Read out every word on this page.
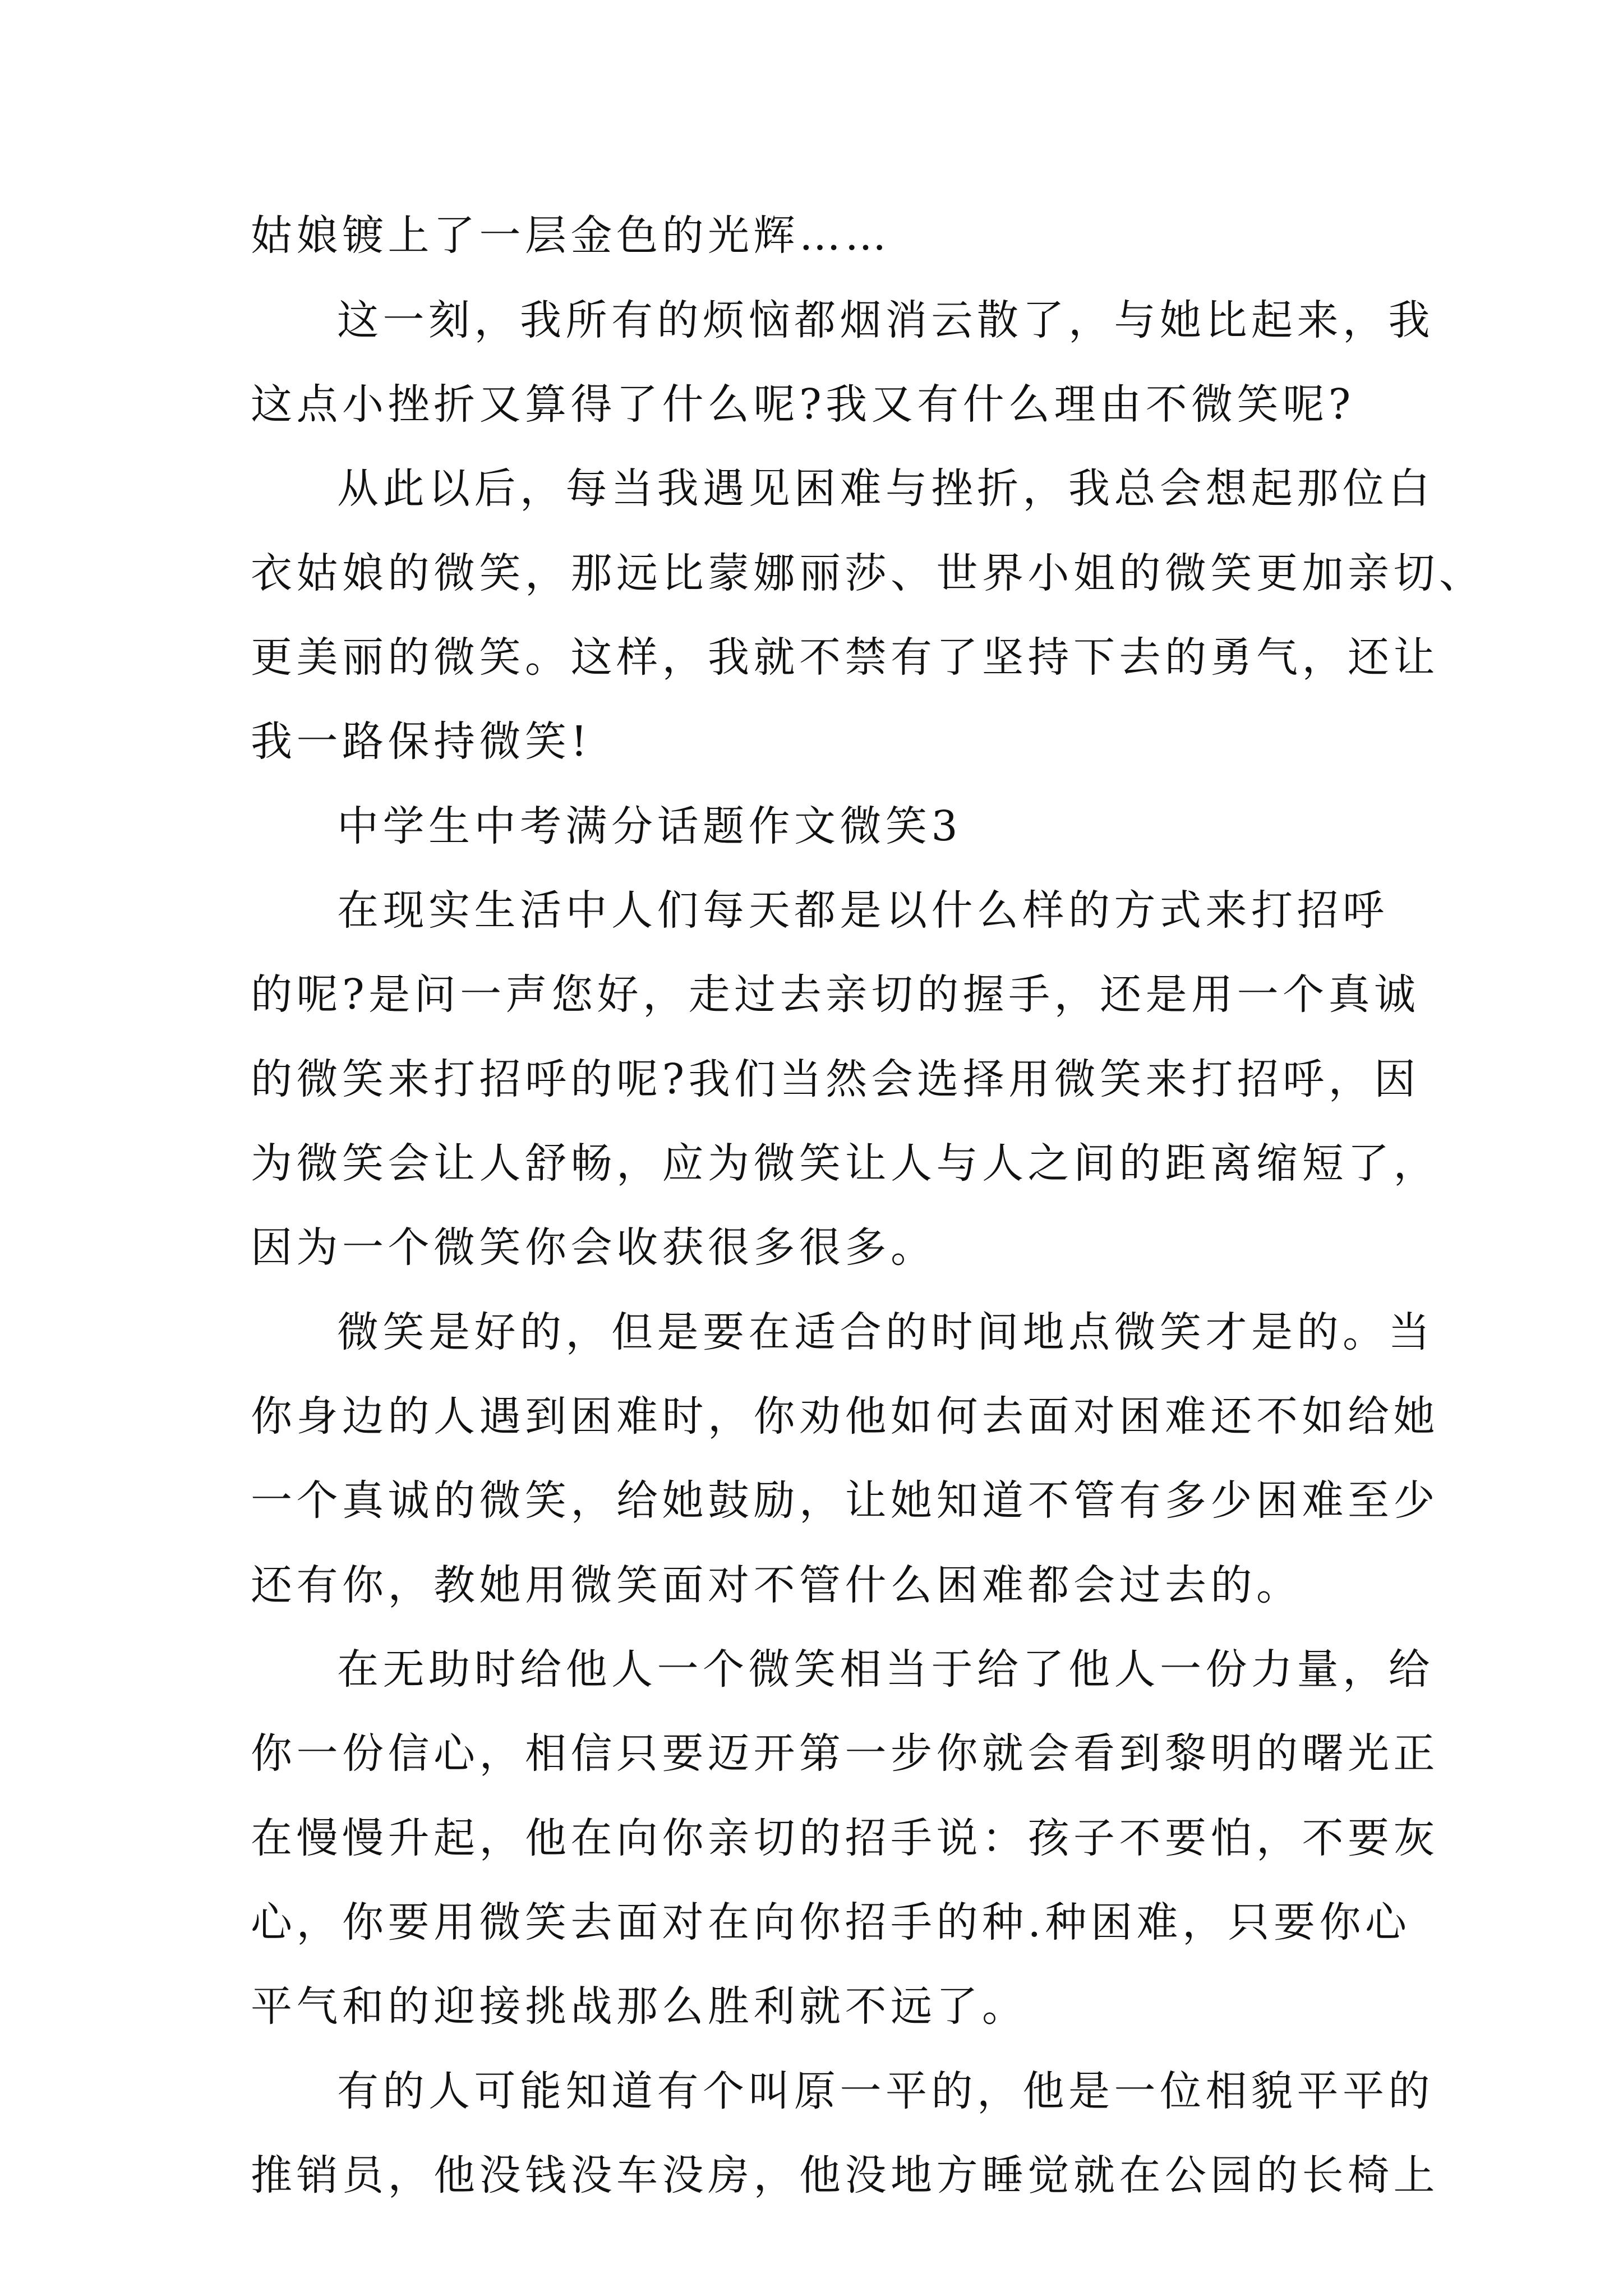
姑娘镀上了一层金色的光辉……

这一刻，我所有的烦恼都烟消云散了，与她比起来，我

这点小挫折又算得了什么呢?我又有什么理由不微笑呢?

从此以后，每当我遇见困难与挫折，我总会想起那位白

衣姑娘的微笑，那远比蒙娜丽莎、世界小姐的微笑更加亲切、

更美丽的微笑。这样，我就不禁有了坚持下去的勇气，还让

我一路保持微笑!

中学生中考满分话题作文微笑3

在现实生活中人们每天都是以什么样的方式来打招呼

的呢?是问一声您好，走过去亲切的握手，还是用一个真诚

的微笑来打招呼的呢?我们当然会选择用微笑来打招呼，因

为微笑会让人舒畅，应为微笑让人与人之间的距离缩短了，

因为一个微笑你会收获很多很多。

微笑是好的，但是要在适合的时间地点微笑才是的。当

你身边的人遇到困难时，你劝他如何去面对困难还不如给她

一个真诚的微笑，给她鼓励，让她知道不管有多少困难至少

还有你，教她用微笑面对不管什么困难都会过去的。

在无助时给他人一个微笑相当于给了他人一份力量，给

你一份信心，相信只要迈开第一步你就会看到黎明的曙光正

在慢慢升起，他在向你亲切的招手说：孩子不要怕，不要灰

心，你要用微笑去面对在向你招手的种.种困难，只要你心

平气和的迎接挑战那么胜利就不远了。

有的人可能知道有个叫原一平的，他是一位相貌平平的

推销员，他没钱没车没房，他没地方睡觉就在公园的长椅上
